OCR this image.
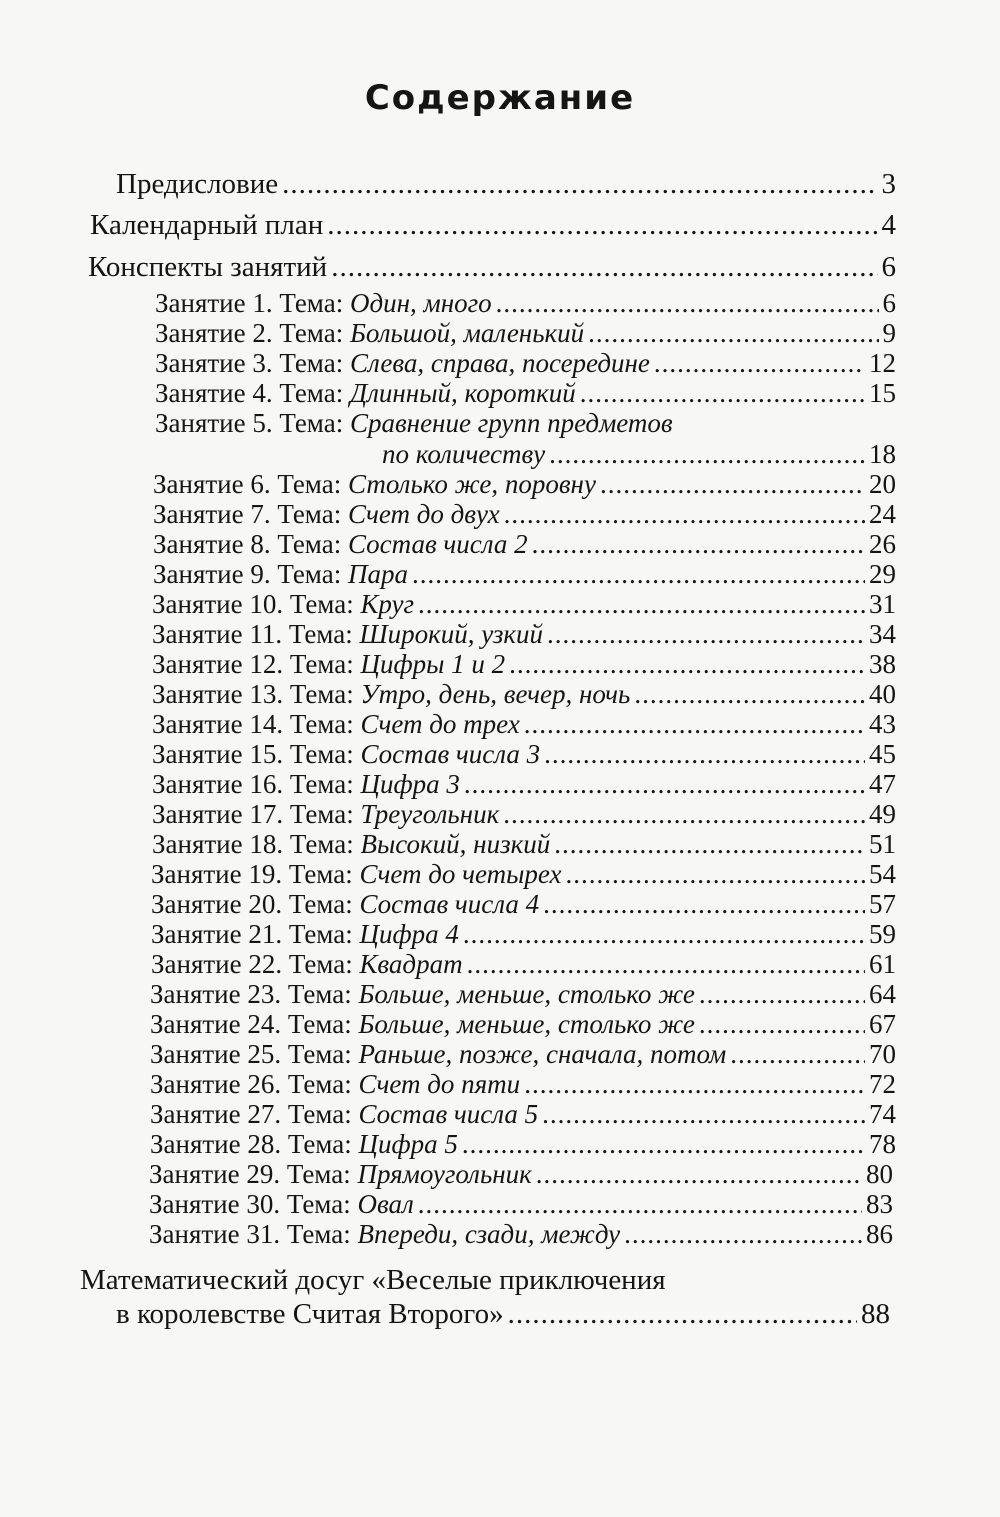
Содержание
Предисловие .....	3
Календарный план .....	4
Конспекты занятий .....	6
Занятие 1. Тема: Один, много .....	6
Занятие 2. Тема: Большой, маленький .....	9
Занятие 3. Тема: Слева, справа, посередине .....	12
Занятие 4. Тема: Длинный, короткий .....	15
Занятие 5. Тема: Сравнение групп предметов
по количеству .....	18
Занятие 6. Тема: Столько же, поровну .....	20
Занятие 7. Тема: Счет до двух .....	24
Занятие 8. Тема: Состав числа 2 .....	26
Занятие 9. Тема: Пара .....	29
Занятие 10. Тема: Круг .....	31
Занятие 11. Тема: Широкий, узкий .....	34
Занятие 12. Тема: Цифры 1 и 2 .....	38
Занятие 13. Тема: Утро, день, вечер, ночь .....	40
Занятие 14. Тема: Счет до трех .....	43
Занятие 15. Тема: Состав числа 3 .....	45
Занятие 16. Тема: Цифра 3 .....	47
Занятие 17. Тема: Треугольник .....	49
Занятие 18. Тема: Высокий, низкий .....	51
Занятие 19. Тема: Счет до четырех .....	54
Занятие 20. Тема: Состав числа 4 .....	57
Занятие 21. Тема: Цифра 4 .....	59
Занятие 22. Тема: Квадрат .....	61
Занятие 23. Тема: Больше, меньше, столько же .....	64
Занятие 24. Тема: Больше, меньше, столько же .....	67
Занятие 25. Тема: Раньше, позже, сначала, потом .....	70
Занятие 26. Тема: Счет до пяти .....	72
Занятие 27. Тема: Состав числа 5 .....	74
Занятие 28. Тема: Цифра 5 .....	78
Занятие 29. Тема: Прямоугольник .....	80
Занятие 30. Тема: Овал .....	83
Занятие 31. Тема: Впереди, сзади, между .....	86
Математический досуг «Веселые приключения
в королевстве Считая Второго» .....	88
